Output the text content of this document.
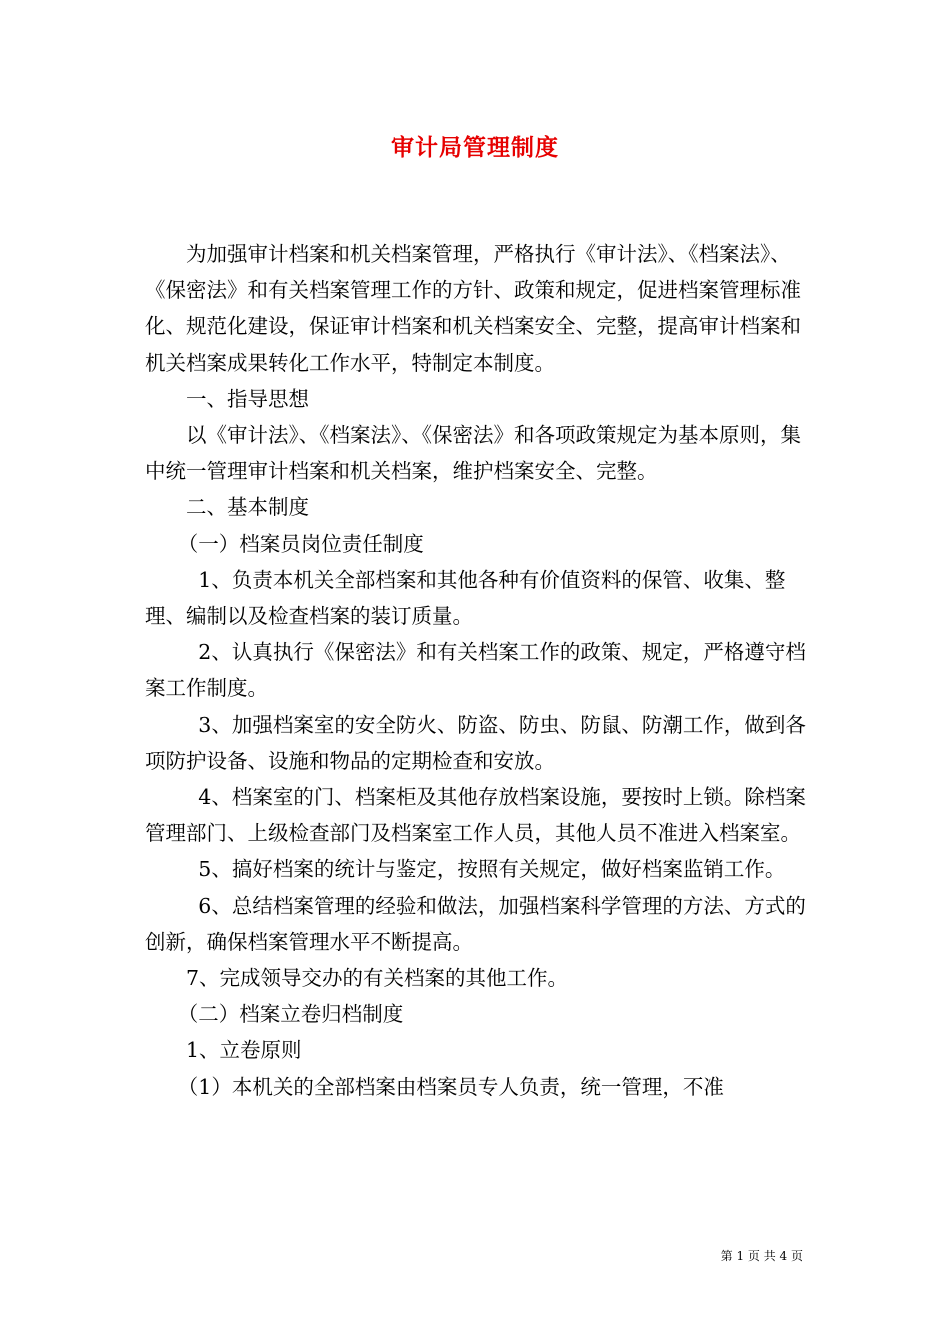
审计局管理制度

为加强审计档案和机关档案管理，严格执行《审计法》、《档案法》、《保密法》和有关档案管理工作的方针、政策和规定，促进档案管理标准化、规范化建设，保证审计档案和机关档案安全、完整，提高审计档案和机关档案成果转化工作水平，特制定本制度。

一、指导思想

以《审计法》、《档案法》、《保密法》和各项政策规定为基本原则，集中统一管理审计档案和机关档案，维护档案安全、完整。

二、基本制度

（一）档案员岗位责任制度

1、负责本机关全部档案和其他各种有价值资料的保管、收集、整理、编制以及检查档案的装订质量。

2、认真执行《保密法》和有关档案工作的政策、规定，严格遵守档案工作制度。

3、加强档案室的安全防火、防盗、防虫、防鼠、防潮工作，做到各项防护设备、设施和物品的定期检查和安放。

4、档案室的门、档案柜及其他存放档案设施，要按时上锁。除档案管理部门、上级检查部门及档案室工作人员，其他人员不准进入档案室。

5、搞好档案的统计与鉴定，按照有关规定，做好档案监销工作。

6、总结档案管理的经验和做法，加强档案科学管理的方法、方式的创新，确保档案管理水平不断提高。

7、完成领导交办的有关档案的其他工作。

（二）档案立卷归档制度

1、立卷原则

（1）本机关的全部档案由档案员专人负责，统一管理，不准

第 1 页 共 4 页
